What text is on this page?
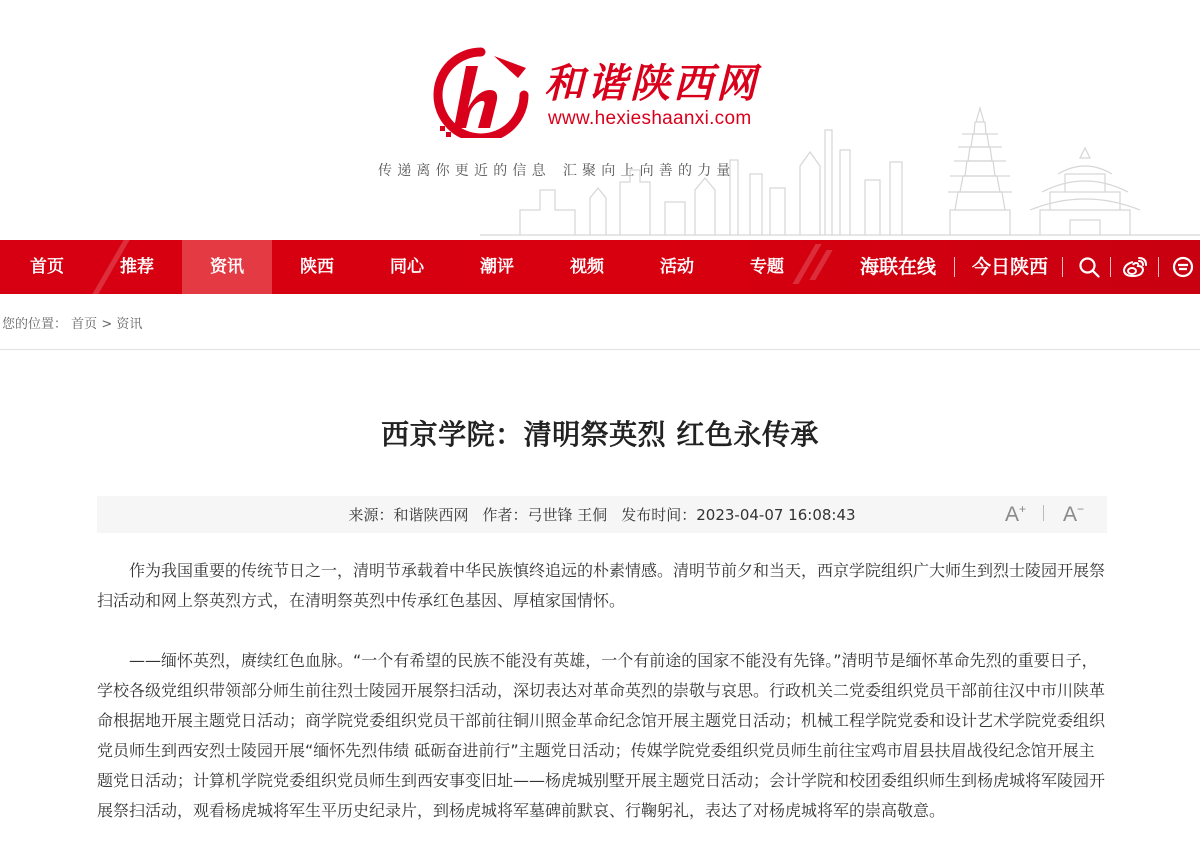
和谐陕西网
www.hexieshaanxi.com
传递离你更近的信息 汇聚向上向善的力量
首页	推荐	资讯	陕西	同心	潮评	视频	活动	专题	海联在线 今日陕西
您的位置： 首页 > 资讯
西京学院：清明祭英烈 红色永传承
来源：和谐陕西网 作者：弓世锋 王侗 发布时间：2023-04-07 16:08:43	A+ A−

作为我国重要的传统节日之一，清明节承载着中华民族慎终追远的朴素情感。清明节前夕和当天，西京学院组织广大师生到烈士陵园开展祭扫活动和网上祭英烈方式，在清明祭英烈中传承红色基因、厚植家国情怀。

——缅怀英烈，赓续红色血脉。“一个有希望的民族不能没有英雄，一个有前途的国家不能没有先锋。”清明节是缅怀革命先烈的重要日子，学校各级党组织带领部分师生前往烈士陵园开展祭扫活动，深切表达对革命英烈的崇敬与哀思。行政机关二党委组织党员干部前往汉中市川陕革命根据地开展主题党日活动；商学院党委组织党员干部前往铜川照金革命纪念馆开展主题党日活动；机械工程学院党委和设计艺术学院党委组织党员师生到西安烈士陵园开展“缅怀先烈伟绩 砥砺奋进前行”主题党日活动；传媒学院党委组织党员师生前往宝鸡市眉县扶眉战役纪念馆开展主题党日活动；计算机学院党委组织党员师生到西安事变旧址——杨虎城别墅开展主题党日活动；会计学院和校团委组织师生到杨虎城将军陵园开展祭扫活动，观看杨虎城将军生平历史纪录片，到杨虎城将军墓碑前默哀、行鞠躬礼，表达了对杨虎城将军的崇高敬意。
